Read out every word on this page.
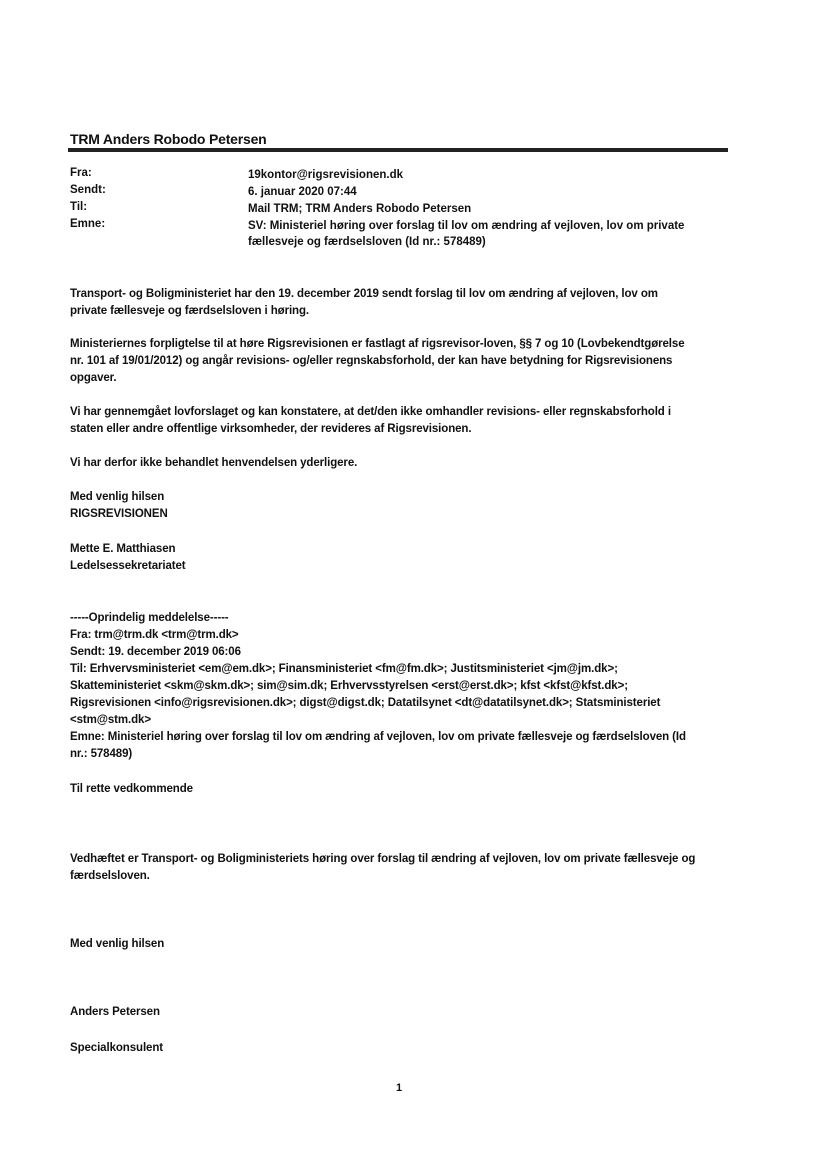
TRM Anders Robodo Petersen
Fra:	19kontor@rigsrevisionen.dk
Sendt:	6. januar 2020 07:44
Til:	Mail TRM; TRM Anders Robodo Petersen
Emne:	SV: Ministeriel høring over forslag til lov om ændring af vejloven, lov om private fællesveje og færdselsloven (Id nr.: 578489)
Transport- og Boligministeriet har den 19. december 2019 sendt forslag til lov om ændring af vejloven, lov om
private fællesveje og færdselsloven i høring.
Ministeriernes forpligtelse til at høre Rigsrevisionen er fastlagt af rigsrevisor-loven, §§ 7 og 10 (Lovbekendtgørelse
nr. 101 af 19/01/2012) og angår revisions- og/eller regnskabsforhold, der kan have betydning for Rigsrevisionens
opgaver.
Vi har gennemgået lovforslaget og kan konstatere, at det/den ikke omhandler revisions- eller regnskabsforhold i
staten eller andre offentlige virksomheder, der revideres af Rigsrevisionen.
Vi har derfor ikke behandlet henvendelsen yderligere.
Med venlig hilsen
RIGSREVISIONEN
Mette E. Matthiasen
Ledelsessekretariatet
-----Oprindelig meddelelse-----
Fra: trm@trm.dk <trm@trm.dk>
Sendt: 19. december 2019 06:06
Til: Erhvervsministeriet <em@em.dk>; Finansministeriet <fm@fm.dk>; Justitsministeriet <jm@jm.dk>;
Skatteministeriet <skm@skm.dk>; sim@sim.dk; Erhvervsstyrelsen <erst@erst.dk>; kfst <kfst@kfst.dk>;
Rigsrevisionen <info@rigsrevisionen.dk>; digst@digst.dk; Datatilsynet <dt@datatilsynet.dk>; Statsministeriet
<stm@stm.dk>
Emne: Ministeriel høring over forslag til lov om ændring af vejloven, lov om private fællesveje og færdselsloven (Id
nr.: 578489)
Til rette vedkommende
Vedhæftet er Transport- og Boligministeriets høring over forslag til ændring af vejloven, lov om private fællesveje og
færdselsloven.
Med venlig hilsen
Anders Petersen
Specialkonsulent
1
